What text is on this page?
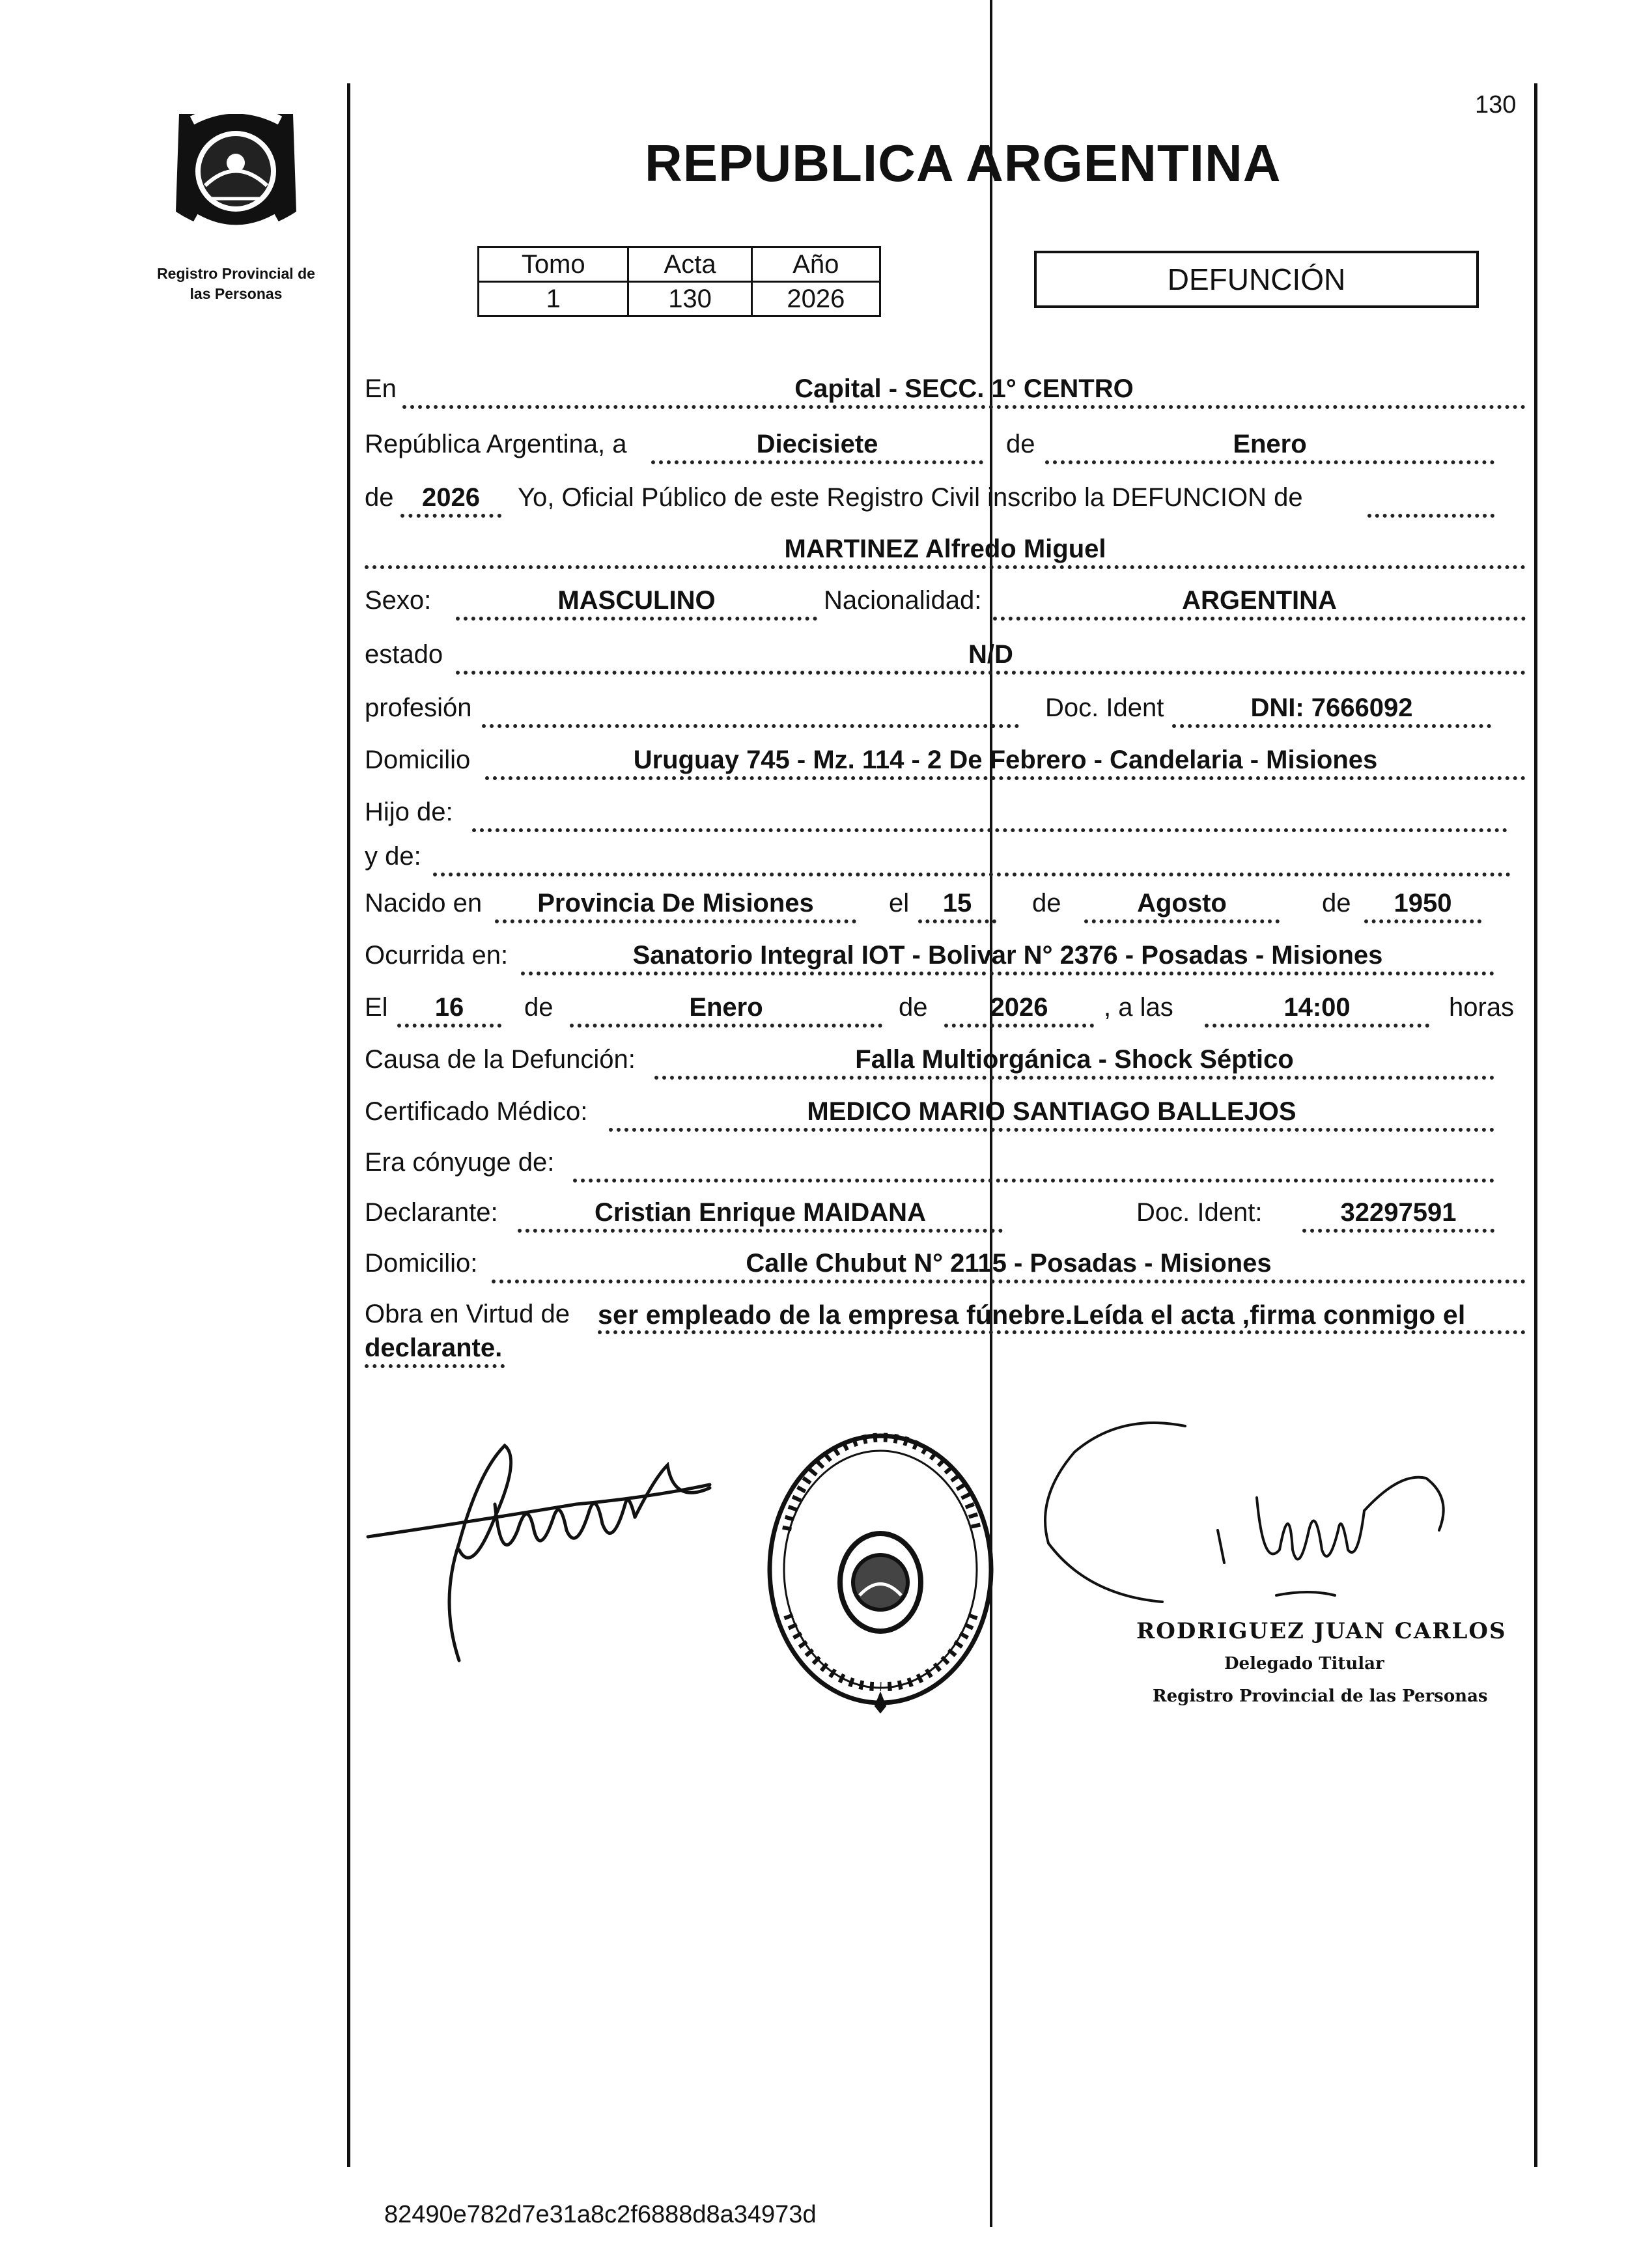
130
Registro Provincial de
las Personas
REPUBLICA ARGENTINA
Tomo	Acta	Año
1	130	2026
DEFUNCIÓN
En	Capital - SECC. 1° CENTRO
República Argentina, a	Diecisiete	de	Enero
de	2026	Yo, Oficial Público de este Registro Civil inscribo la DEFUNCION de
MARTINEZ Alfredo Miguel
Sexo:	MASCULINO	Nacionalidad:	ARGENTINA
estado	N/D
profesión	Doc. Ident	DNI: 7666092
Domicilio	Uruguay 745 - Mz. 114 - 2 De Febrero - Candelaria - Misiones
Hijo de:
y de:
Nacido en	Provincia De Misiones	el	15	de	Agosto	de	1950
Ocurrida en:	Sanatorio Integral IOT - Bolivar N° 2376 - Posadas - Misiones
El	16	de	Enero	de	2026	, a las	14:00	horas
Causa de la Defunción:	Falla Multiorgánica - Shock Séptico
Certificado Médico:	MEDICO MARIO SANTIAGO BALLEJOS
Era cónyuge de:
Declarante:	Cristian Enrique MAIDANA	Doc. Ident:	32297591
Domicilio:	Calle Chubut N° 2115 - Posadas - Misiones
Obra en Virtud de ser empleado de la empresa fúnebre.Leída el acta ,firma conmigo el
declarante.
RODRIGUEZ JUAN CARLOS
Delegado Titular
Registro Provincial de las Personas
82490e782d7e31a8c2f6888d8a34973d
